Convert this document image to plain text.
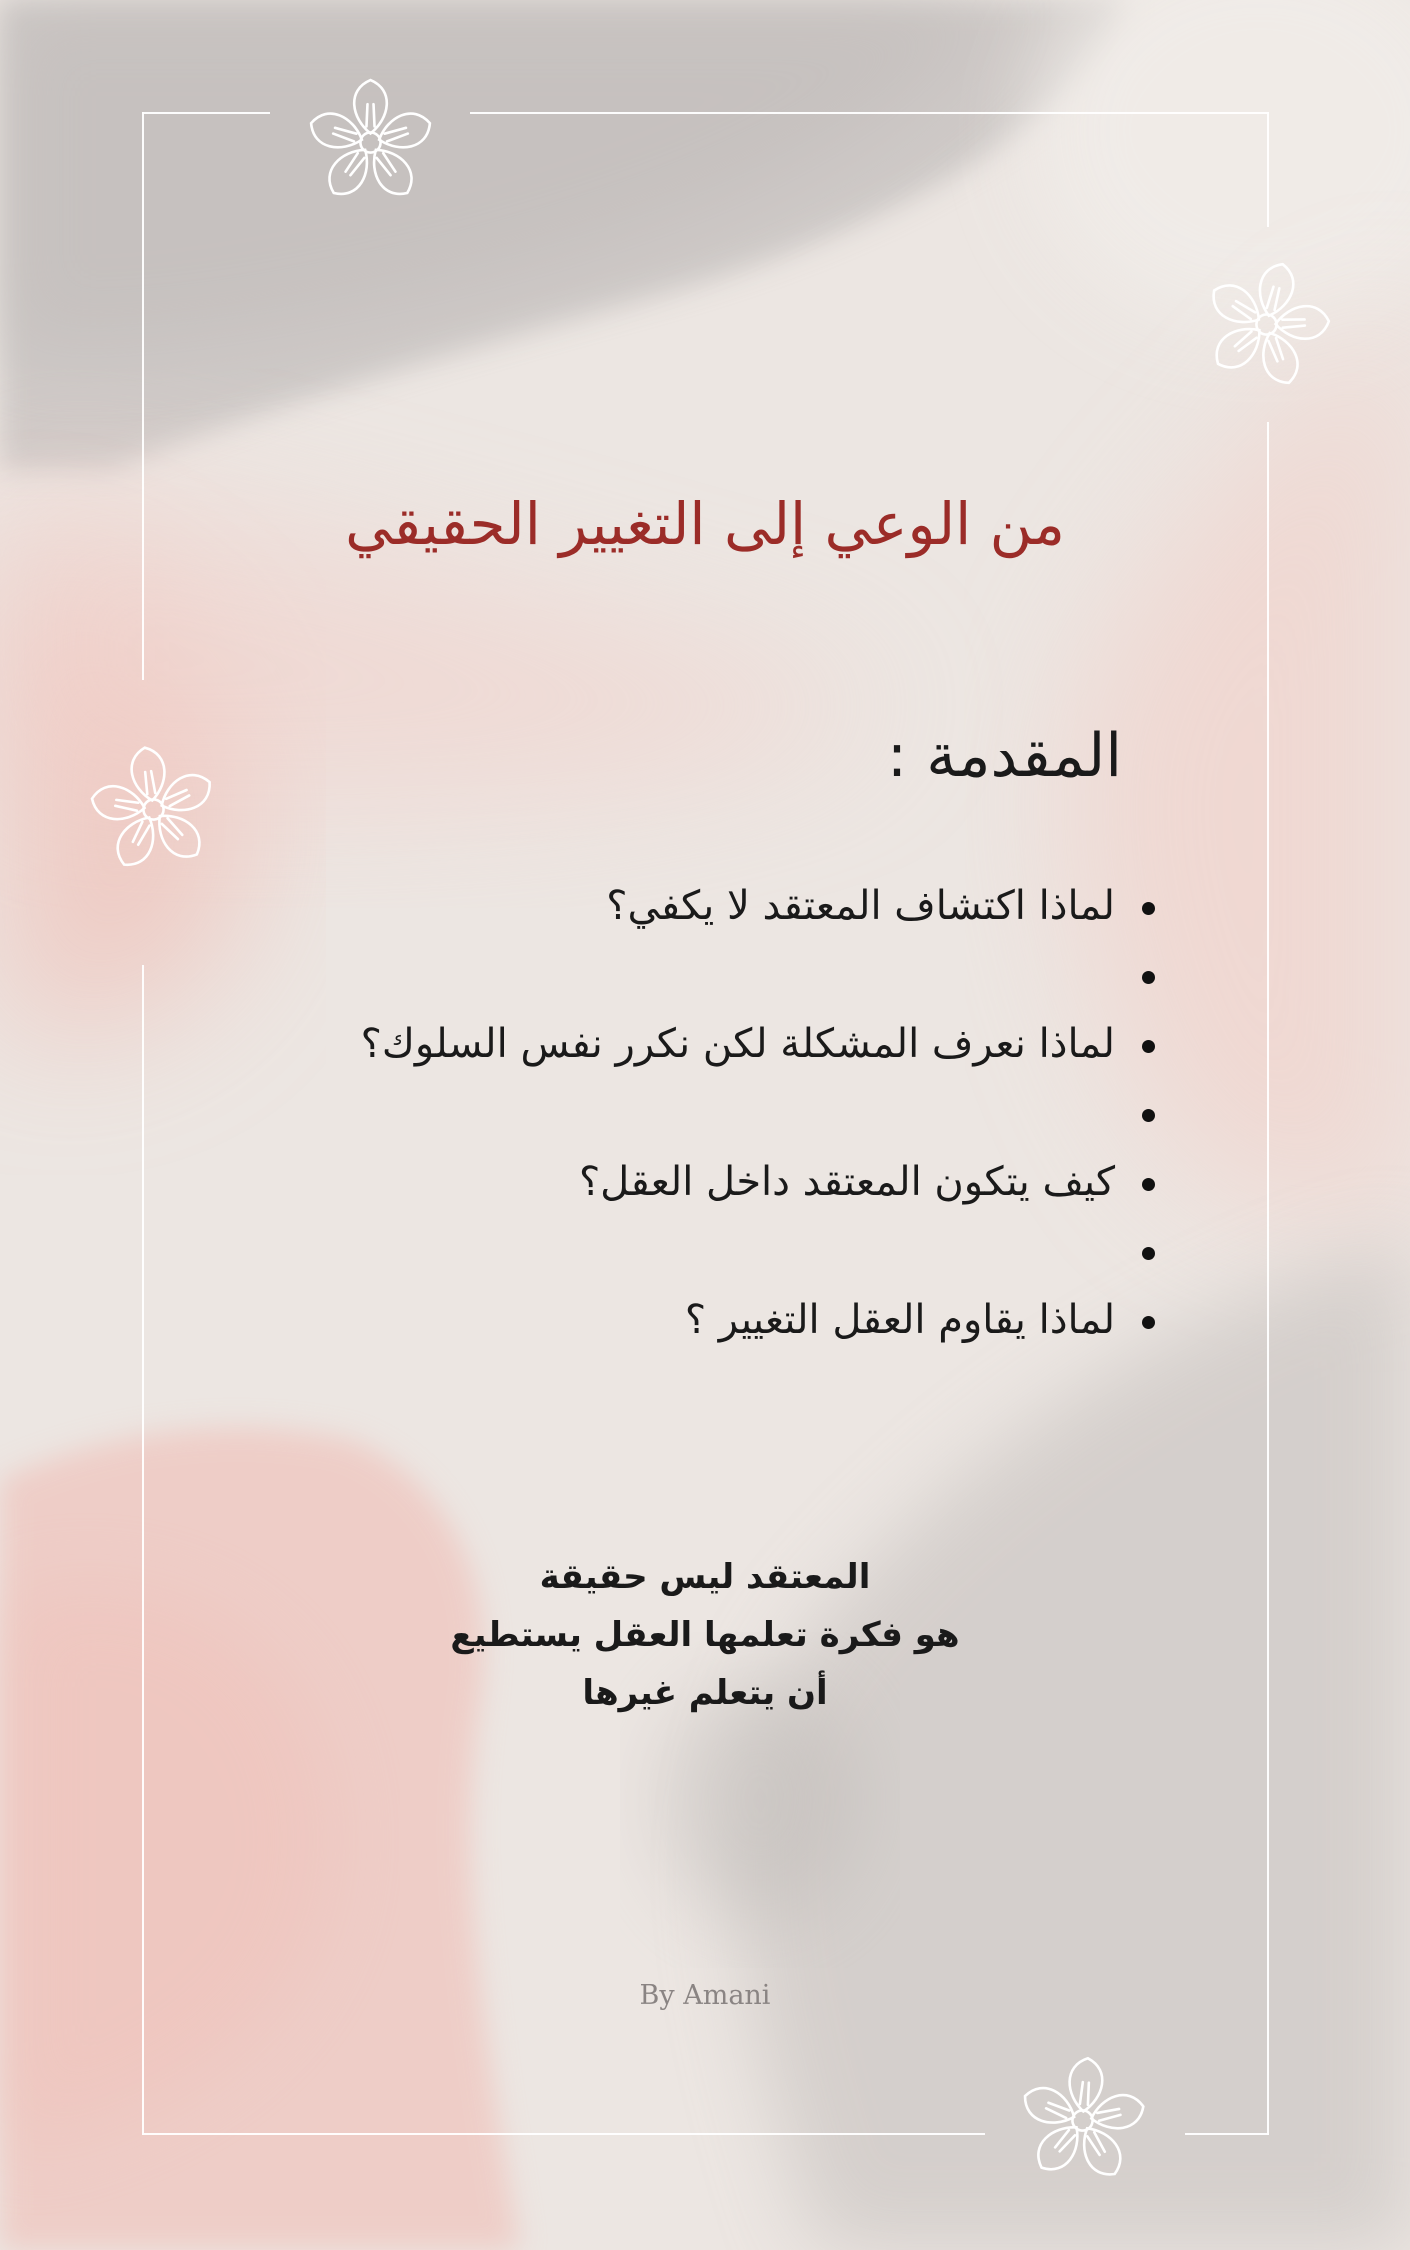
من الوعي إلى التغيير الحقيقي
المقدمة :
لماذا اكتشاف المعتقد لا يكفي؟
لماذا نعرف المشكلة لكن نكرر نفس السلوك؟
كيف يتكون المعتقد داخل العقل؟
لماذا يقاوم العقل التغيير ؟
المعتقد ليس حقيقة
هو فكرة تعلمها العقل يستطيع
أن يتعلم غيرها
By Amani
